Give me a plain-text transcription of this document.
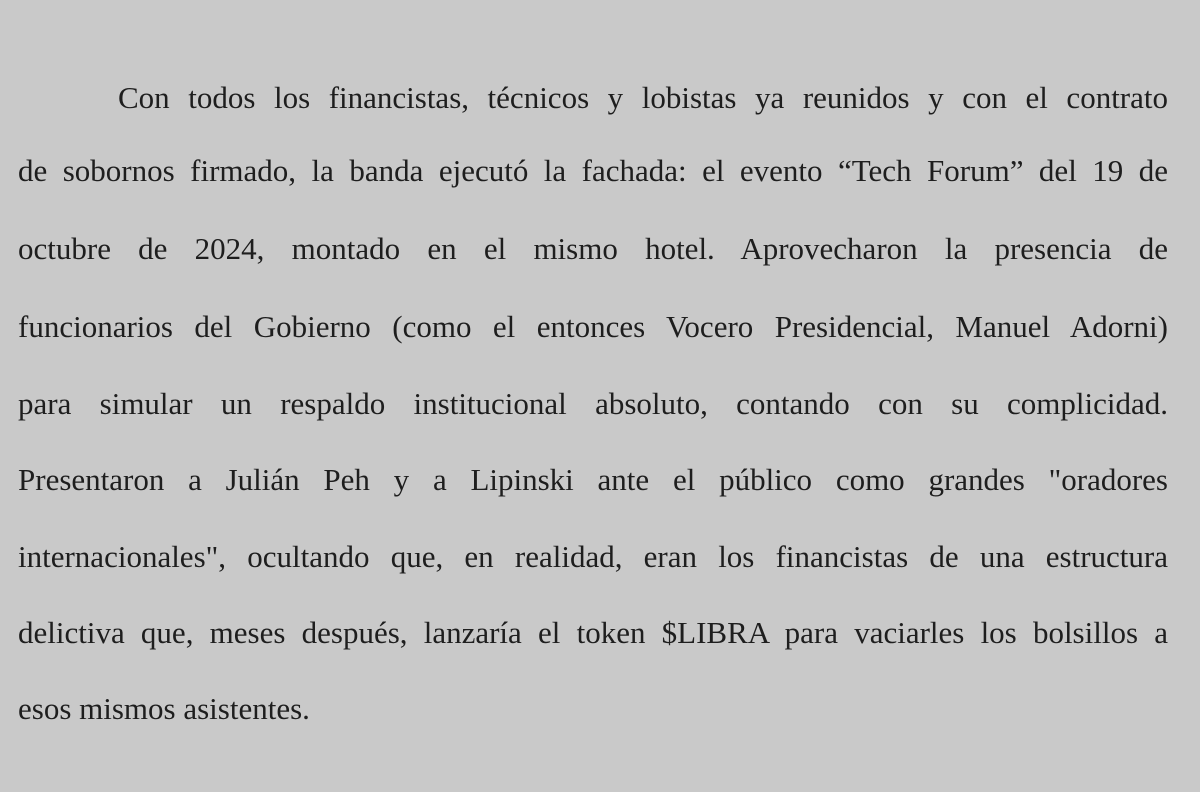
Con todos los financistas, técnicos y lobistas ya reunidos y con el contrato
de sobornos firmado, la banda ejecutó la fachada: el evento “Tech Forum” del 19 de
octubre de 2024, montado en el mismo hotel. Aprovecharon la presencia de
funcionarios del Gobierno (como el entonces Vocero Presidencial, Manuel Adorni)
para simular un respaldo institucional absoluto, contando con su complicidad.
Presentaron a Julián Peh y a Lipinski ante el público como grandes "oradores
internacionales", ocultando que, en realidad, eran los financistas de una estructura
delictiva que, meses después, lanzaría el token $LIBRA para vaciarles los bolsillos a
esos mismos asistentes.
